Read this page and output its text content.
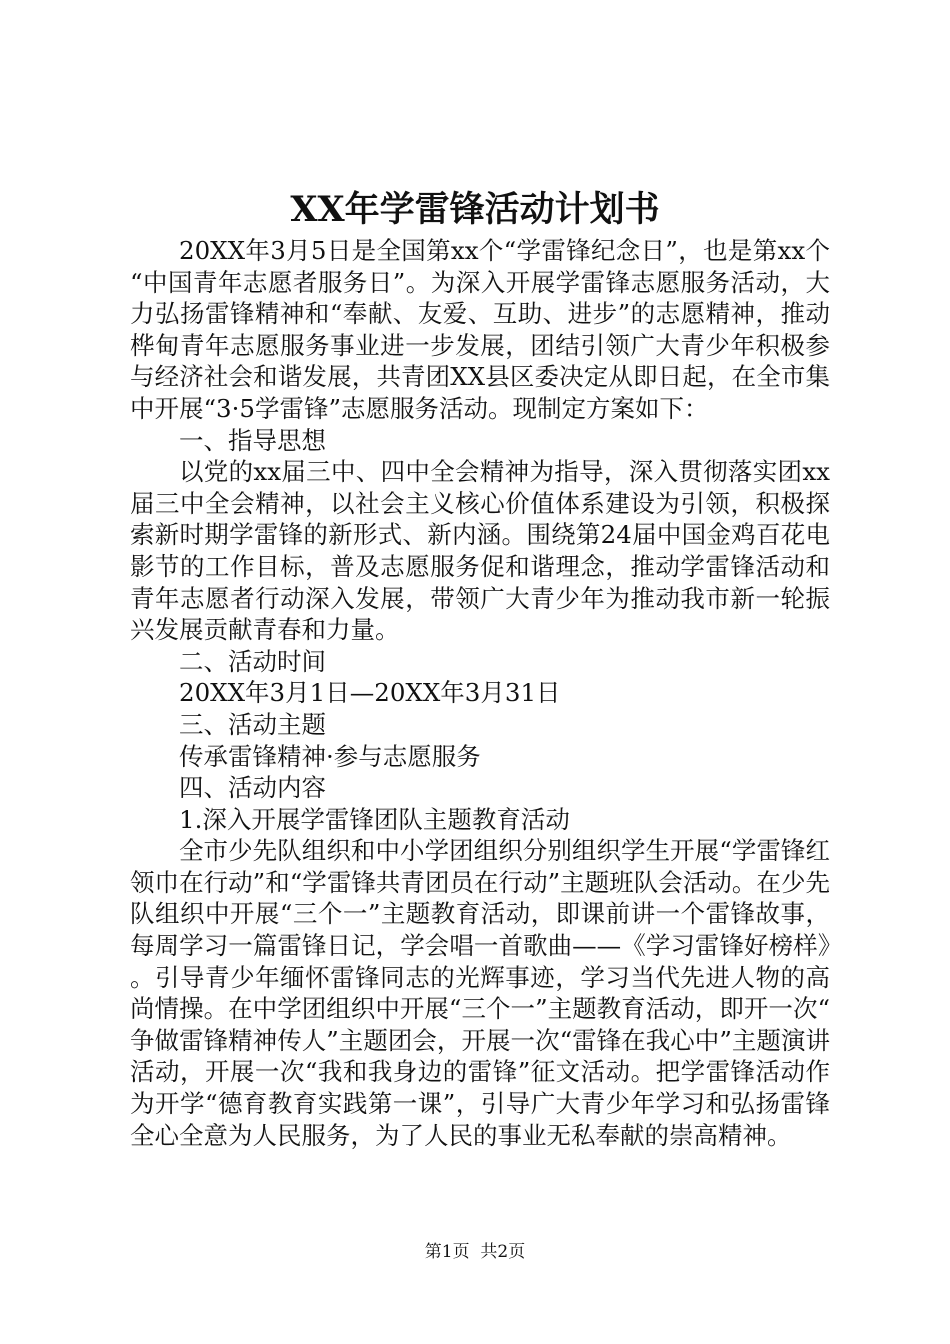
XX年学雷锋活动计划书

20XX年3月5日是全国第xx个“学雷锋纪念日”，也是第xx个“中国青年志愿者服务日”。为深入开展学雷锋志愿服务活动，大力弘扬雷锋精神和“奉献、友爱、互助、进步”的志愿精神，推动桦甸青年志愿服务事业进一步发展，团结引领广大青少年积极参与经济社会和谐发展，共青团XX县区委决定从即日起，在全市集中开展“3·5学雷锋”志愿服务活动。现制定方案如下：

一、指导思想

以党的xx届三中、四中全会精神为指导，深入贯彻落实团xx届三中全会精神，以社会主义核心价值体系建设为引领，积极探索新时期学雷锋的新形式、新内涵。围绕第24届中国金鸡百花电影节的工作目标，普及志愿服务促和谐理念，推动学雷锋活动和青年志愿者行动深入发展，带领广大青少年为推动我市新一轮振兴发展贡献青春和力量。

二、活动时间

20XX年3月1日—20XX年3月31日

三、活动主题

传承雷锋精神·参与志愿服务

四、活动内容

1.深入开展学雷锋团队主题教育活动

全市少先队组织和中小学团组织分别组织学生开展“学雷锋红领巾在行动”和“学雷锋共青团员在行动”主题班队会活动。在少先队组织中开展“三个一”主题教育活动，即课前讲一个雷锋故事，每周学习一篇雷锋日记，学会唱一首歌曲——《学习雷锋好榜样》。引导青少年缅怀雷锋同志的光辉事迹，学习当代先进人物的高尚情操。在中学团组织中开展“三个一”主题教育活动，即开一次“争做雷锋精神传人”主题团会，开展一次“雷锋在我心中”主题演讲活动，开展一次“我和我身边的雷锋”征文活动。把学雷锋活动作为开学“德育教育实践第一课”，引导广大青少年学习和弘扬雷锋全心全意为人民服务，为了人民的事业无私奉献的崇高精神。

第1页 共2页
